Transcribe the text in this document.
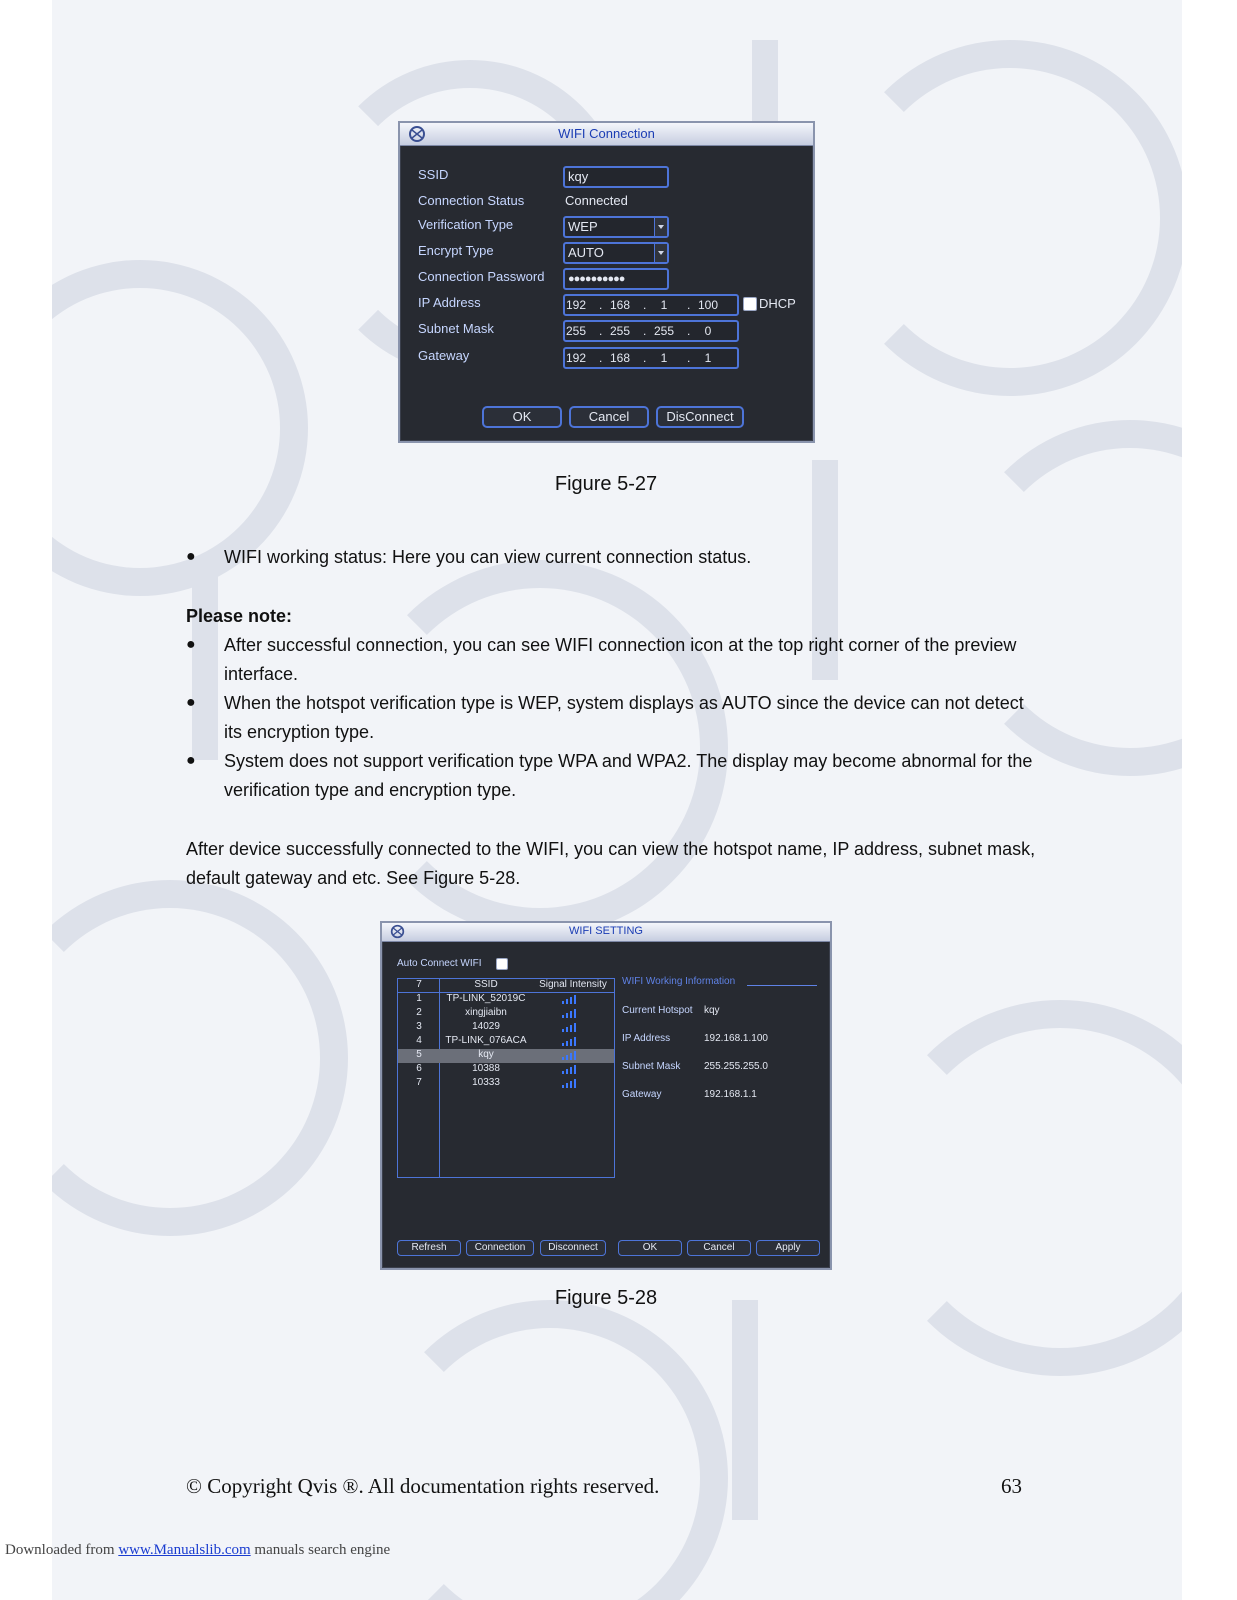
WIFI Connection
SSID	kqy
Connection Status	Connected
Verification Type	WEP
Encrypt Type	AUTO
Connection Password	●●●●●●●●●●
IP Address	192	. 168	.	1	. 100	DHCP
Subnet Mask	255	. 255	. 255	.	0
Gateway	192	. 168	.	1	.	1
OK	Cancel	DisConnect
Figure 5-27
●	WIFI working status: Here you can view current connection status.
Please note:
●	After successful connection, you can see WIFI connection icon at the top right corner of the preview interface.
●	When the hotspot verification type is WEP, system displays as AUTO since the device can not detect its encryption type.
●	System does not support verification type WPA and WPA2. The display may become abnormal for the verification type and encryption type.
After device successfully connected to the WIFI, you can view the hotspot name, IP address, subnet mask, default gateway and etc. See Figure 5-28.
WIFI SETTING
Auto Connect WIFI
7	SSID	Signal Intensity
1	TP-LINK_52019C
2	xingjiaibn
3	14029
4	TP-LINK_076ACA
5	kqy
6	10388
7	10333
WIFI Working Information
Current Hotspot kqy
IP Address	192.168.1.100
Subnet Mask 255.255.255.0
Gateway	192.168.1.1
Refresh	Connection	Disconnect	OK	Cancel	Apply
Figure 5-28
© Copyright Qvis ®. All documentation rights reserved.	63
Downloaded from www.Manualslib.com manuals search engine
